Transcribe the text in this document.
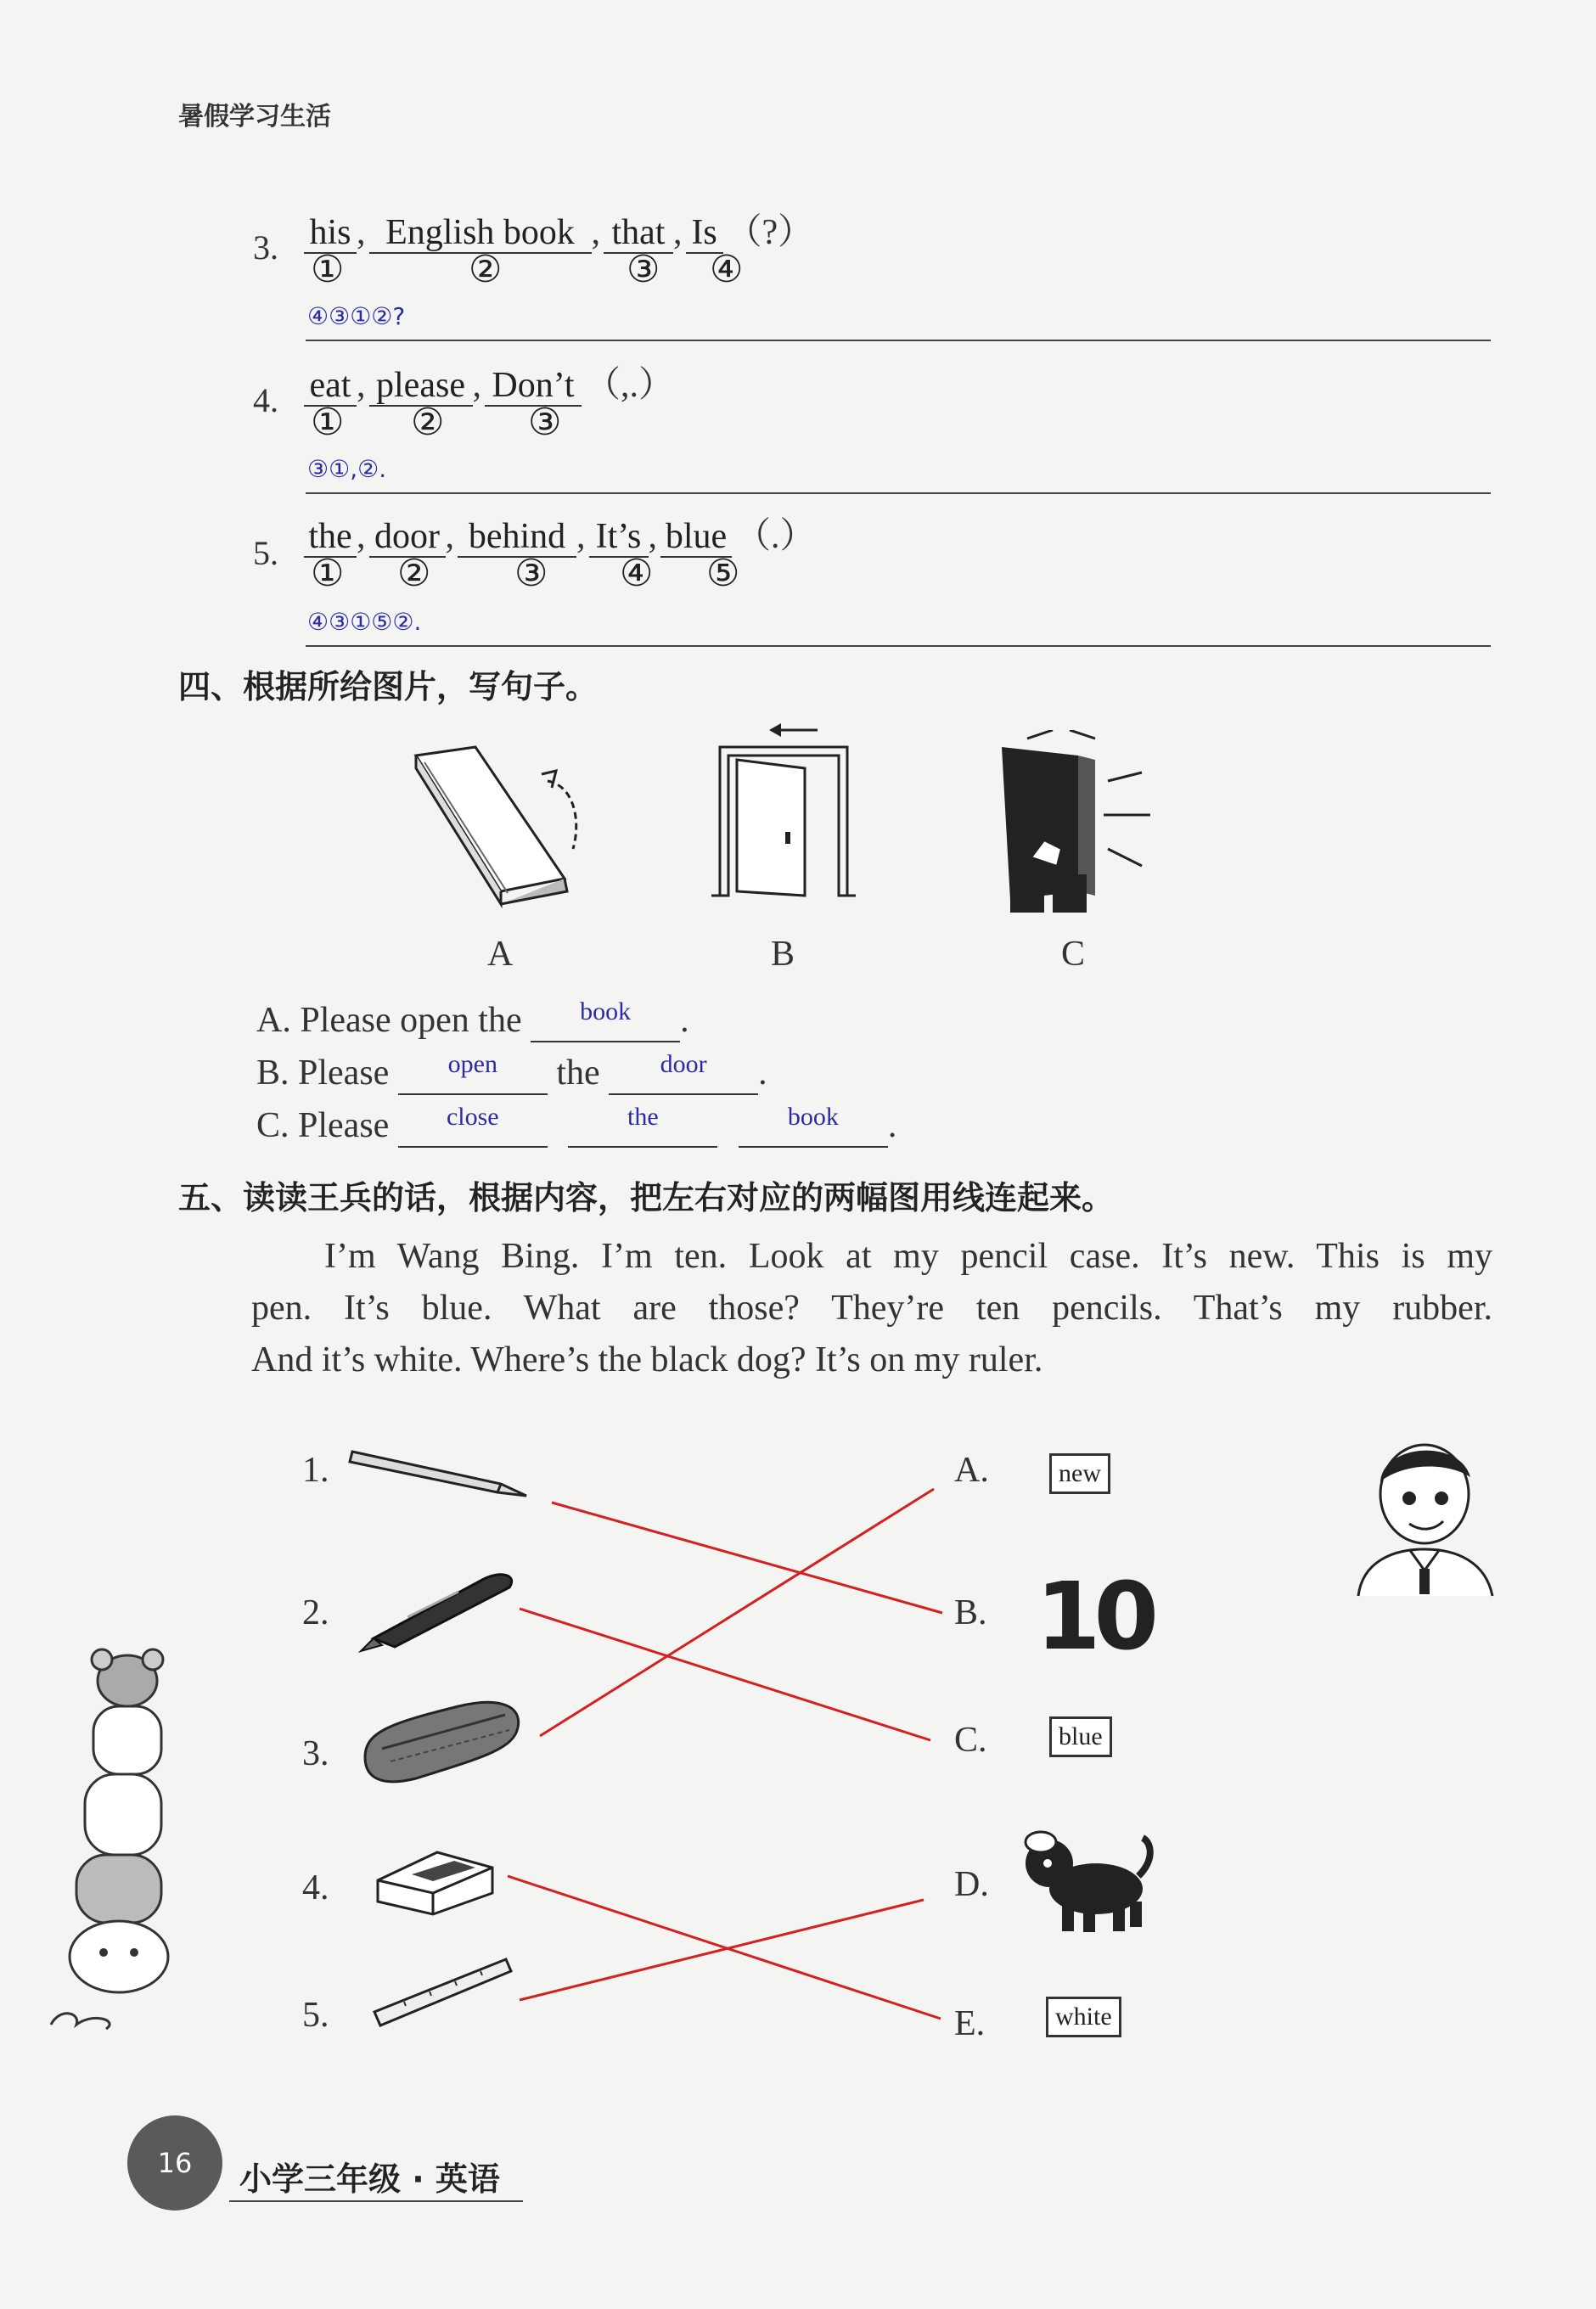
暑假学习生活
3. his , English book , that , Is （?）
①	②	③ ④
④③①②?
4. eat , please , Don’t （,.）
① ② ③
③①,②.
5. the , door , behind , It’s , blue （.）
① ② ③ ④ ⑤
④③①⑤②.
四、根据所给图片，写句子。
A	B	C
A. Please open the $^{book}$ .
B. Please $^{open}$ the $^{door}$ .
C. Please $^{close}$	$^{the}$	$^{book}$ .
五、读读王兵的话，根据内容，把左右对应的两幅图用线连起来。
I’m Wang Bing. I’m ten. Look at my pencil case. It’s new. This is my
pen. It’s blue. What are those? They’re ten pencils. That’s my rubber.
And it’s white. Where’s the black dog? It’s on my ruler.
1.
2.
3.
4.
5.
A.
B.
C.
D.
E.
new
10
blue
white
16	小学三年级 · 英语
